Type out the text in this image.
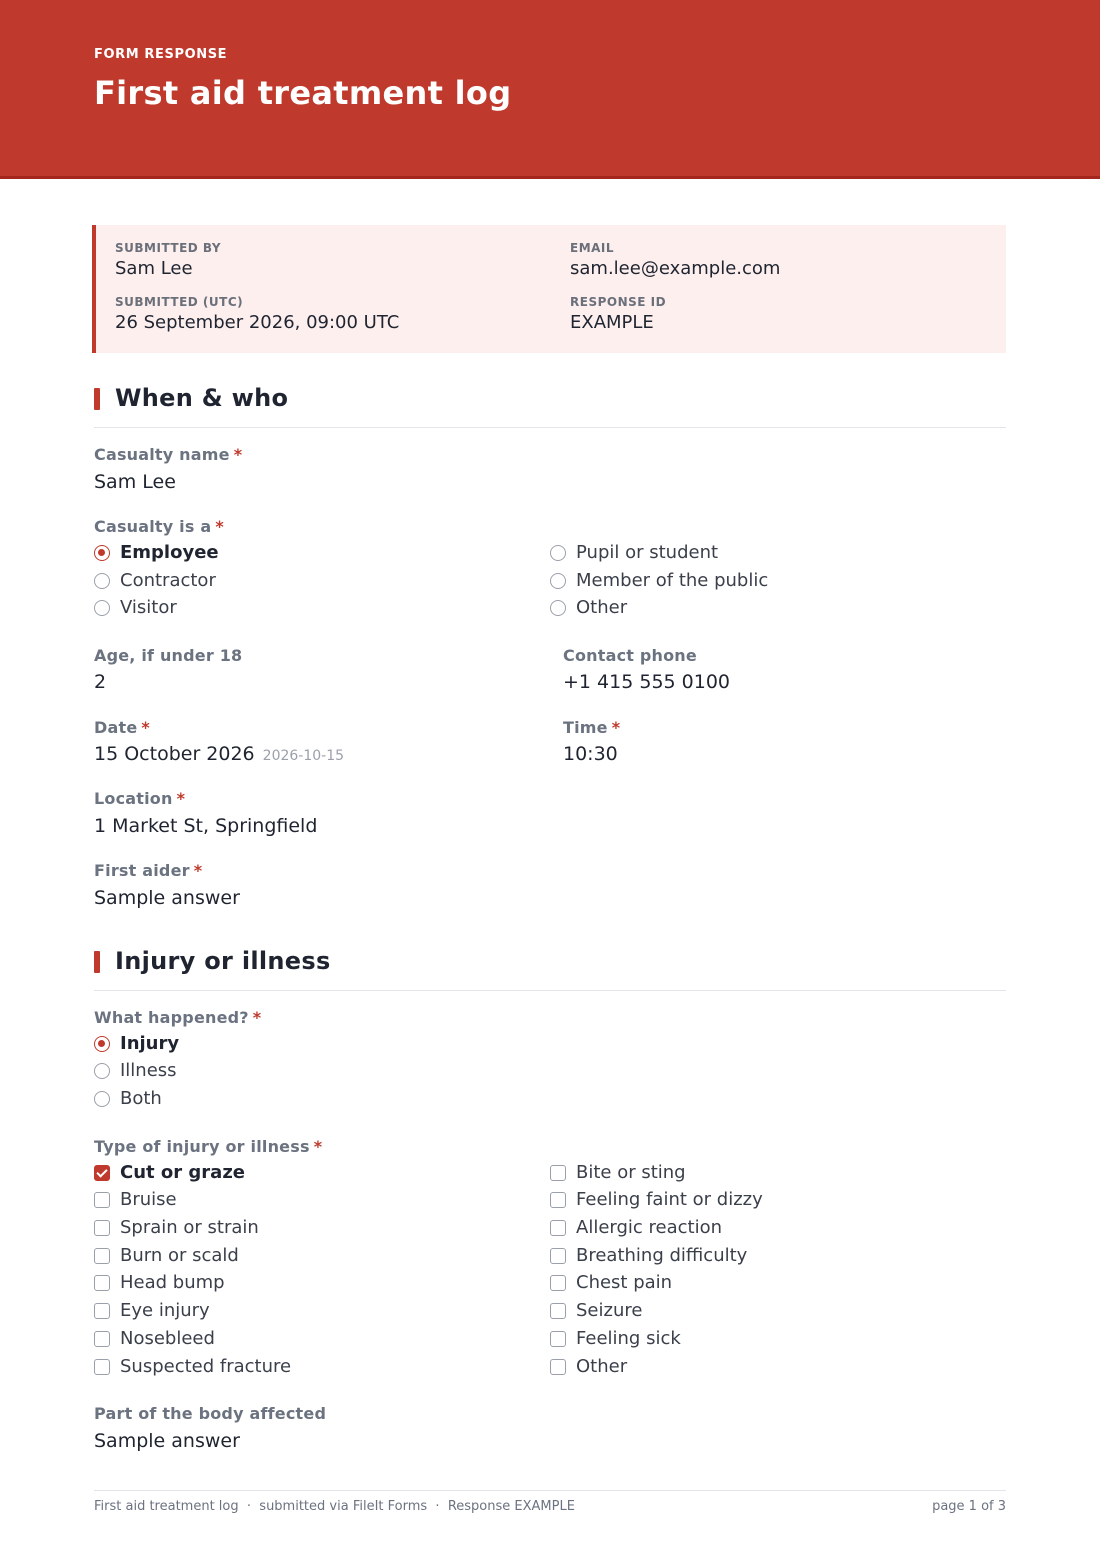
FORM RESPONSE
First aid treatment log
SUBMITTED BY
Sam Lee
EMAIL
sam.lee@example.com
SUBMITTED (UTC)
26 September 2026, 09:00 UTC
RESPONSE ID
EXAMPLE
When & who
Casualty name *
Sam Lee
Casualty is a *
Employee
Contractor
Visitor
Pupil or student
Member of the public
Other
Age, if under 18
2
Contact phone
+1 415 555 0100
Date *
15 October 2026 2026-10-15
Time *
10:30
Location *
1 Market St, Springfield
First aider *
Sample answer
Injury or illness
What happened? *
Injury
Illness
Both
Type of injury or illness *
Cut or graze
Bruise
Sprain or strain
Burn or scald
Head bump
Eye injury
Nosebleed
Suspected fracture
Bite or sting
Feeling faint or dizzy
Allergic reaction
Breathing difficulty
Chest pain
Seizure
Feeling sick
Other
Part of the body affected
Sample answer
First aid treatment log · submitted via FileIt Forms · Response EXAMPLE	page 1 of 3
